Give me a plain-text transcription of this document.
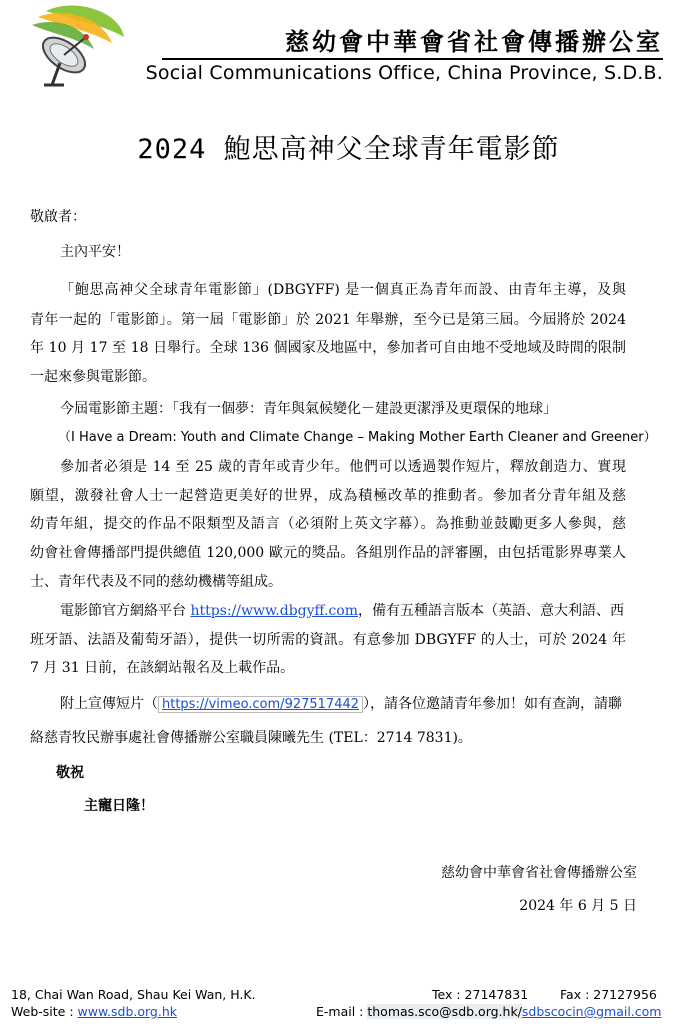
慈幼會中華會省社會傳播辦公室
Social Communications Office, China Province, S.D.B.
2024 鮑思高神父全球青年電影節
敬啟者：
主內平安！
「鮑思高神父全球青年電影節」(DBGYFF) 是一個真正為青年而設、由青年主導，及與
青年一起的「電影節」。第一屆「電影節」於 2021 年舉辦，至今已是第三屆。今屆將於 2024
年 10 月 17 至 18 日舉行。全球 136 個國家及地區中，參加者可自由地不受地域及時間的限制
一起來參與電影節。
今屆電影節主題：「我有一個夢：青年與氣候變化－建設更潔淨及更環保的地球」
（I Have a Dream: Youth and Climate Change – Making Mother Earth Cleaner and Greener）
參加者必須是 14 至 25 歲的青年或青少年。他們可以透過製作短片，釋放創造力、實現
願望，激發社會人士一起營造更美好的世界，成為積極改革的推動者。參加者分青年組及慈
幼青年組，提交的作品不限類型及語言（必須附上英文字幕）。為推動並鼓勵更多人參與，慈
幼會社會傳播部門提供總值 120,000 歐元的獎品。各組別作品的評審團，由包括電影界專業人
士、青年代表及不同的慈幼機構等組成。
電影節官方網絡平台 https://www.dbgyff.com，備有五種語言版本（英語、意大利語、西
班牙語、法語及葡萄牙語），提供一切所需的資訊。有意參加 DBGYFF 的人士，可於 2024 年
7 月 31 日前，在該網站報名及上載作品。
附上宣傳短片（ https://vimeo.com/927517442 ），請各位邀請青年參加！如有查詢，請聯
絡慈青牧民辦事處社會傳播辦公室職員陳曦先生 (TEL：2714 7831)。
敬祝
主寵日隆！
慈幼會中華會省社會傳播辦公室
2024 年 6 月 5 日
18, Chai Wan Road, Shau Kei Wan, H.K.	Tex : 27147831	Fax : 27127956
Web-site : www.sdb.org.hk	E-mail : thomas.sco@sdb.org.hk/sdbscocin@gmail.com
